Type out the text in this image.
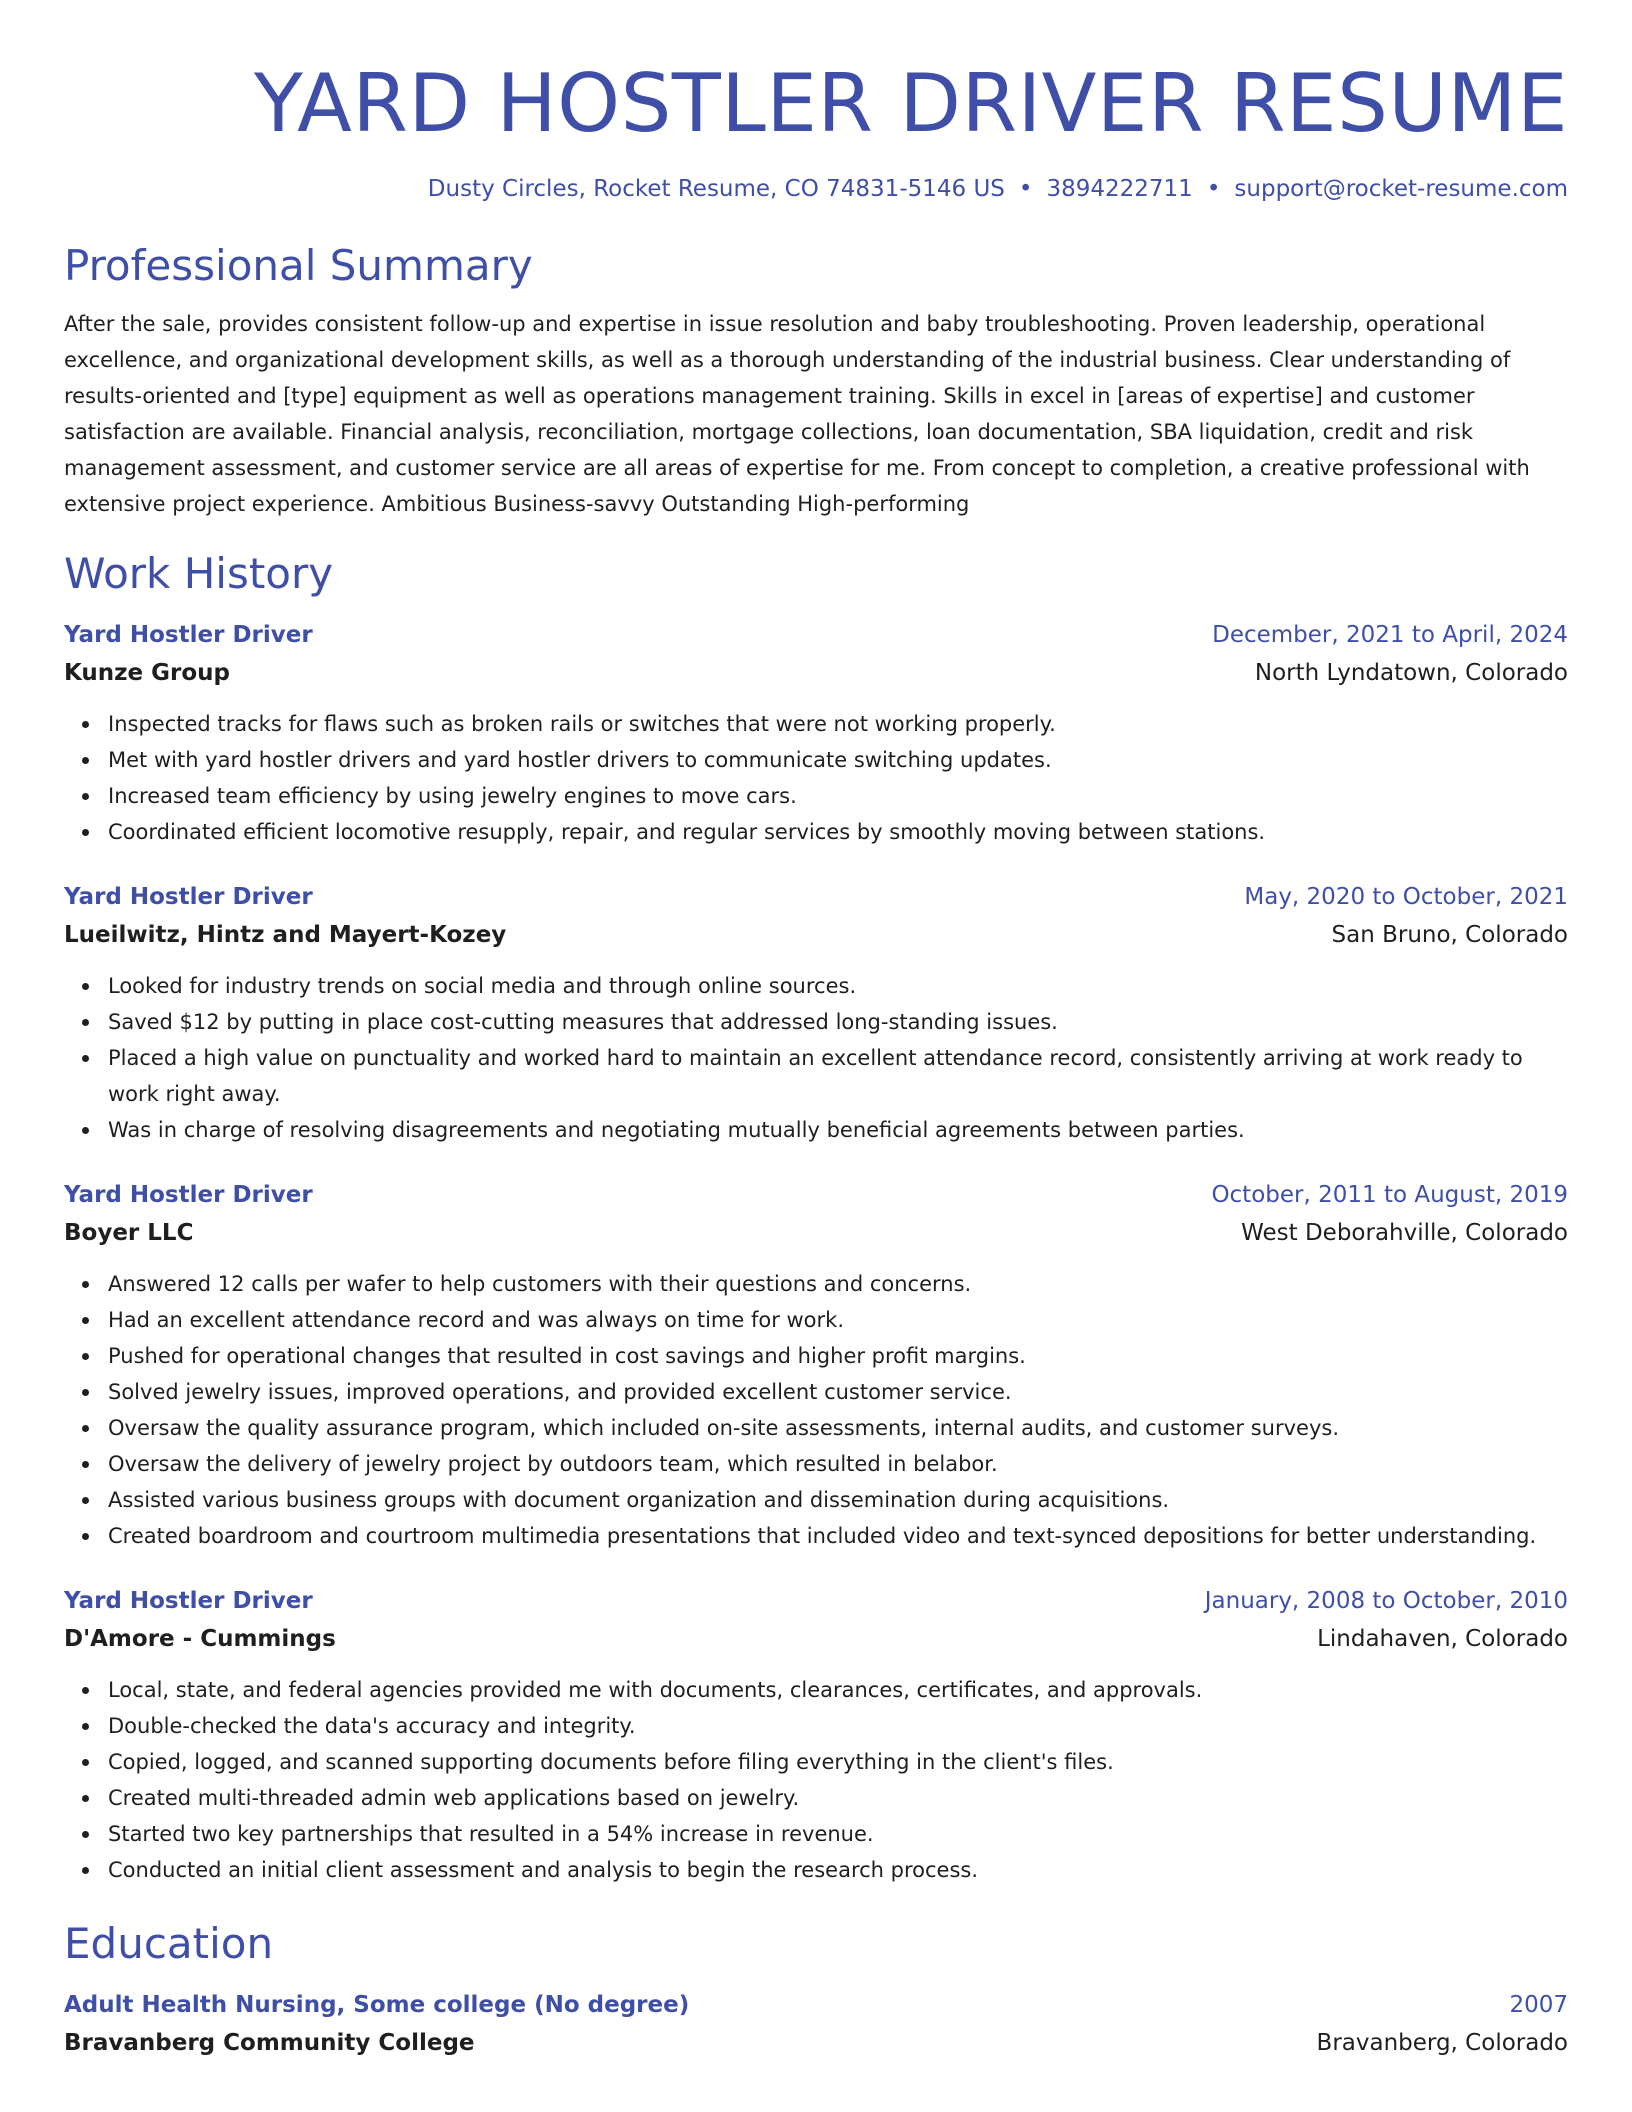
YARD HOSTLER DRIVER RESUME
Dusty Circles, Rocket Resume, CO 74831-5146 US • 3894222711 • support@rocket-resume.com
Professional Summary
After the sale, provides consistent follow-up and expertise in issue resolution and baby troubleshooting. Proven leadership, operational excellence, and organizational development skills, as well as a thorough understanding of the industrial business. Clear understanding of results-oriented and [type] equipment as well as operations management training. Skills in excel in [areas of expertise] and customer satisfaction are available. Financial analysis, reconciliation, mortgage collections, loan documentation, SBA liquidation, credit and risk management assessment, and customer service are all areas of expertise for me. From concept to completion, a creative professional with extensive project experience. Ambitious Business-savvy Outstanding High-performing
Work History
Yard Hostler Driver	December, 2021 to April, 2024
Kunze Group	North Lyndatown, Colorado
Inspected tracks for flaws such as broken rails or switches that were not working properly.
Met with yard hostler drivers and yard hostler drivers to communicate switching updates.
Increased team efficiency by using jewelry engines to move cars.
Coordinated efficient locomotive resupply, repair, and regular services by smoothly moving between stations.
Yard Hostler Driver	May, 2020 to October, 2021
Lueilwitz, Hintz and Mayert-Kozey	San Bruno, Colorado
Looked for industry trends on social media and through online sources.
Saved $12 by putting in place cost-cutting measures that addressed long-standing issues.
Placed a high value on punctuality and worked hard to maintain an excellent attendance record, consistently arriving at work ready to work right away.
Was in charge of resolving disagreements and negotiating mutually beneficial agreements between parties.
Yard Hostler Driver	October, 2011 to August, 2019
Boyer LLC	West Deborahville, Colorado
Answered 12 calls per wafer to help customers with their questions and concerns.
Had an excellent attendance record and was always on time for work.
Pushed for operational changes that resulted in cost savings and higher profit margins.
Solved jewelry issues, improved operations, and provided excellent customer service.
Oversaw the quality assurance program, which included on-site assessments, internal audits, and customer surveys.
Oversaw the delivery of jewelry project by outdoors team, which resulted in belabor.
Assisted various business groups with document organization and dissemination during acquisitions.
Created boardroom and courtroom multimedia presentations that included video and text-synced depositions for better understanding.
Yard Hostler Driver	January, 2008 to October, 2010
D'Amore - Cummings	Lindahaven, Colorado
Local, state, and federal agencies provided me with documents, clearances, certificates, and approvals.
Double-checked the data's accuracy and integrity.
Copied, logged, and scanned supporting documents before filing everything in the client's files.
Created multi-threaded admin web applications based on jewelry.
Started two key partnerships that resulted in a 54% increase in revenue.
Conducted an initial client assessment and analysis to begin the research process.
Education
Adult Health Nursing, Some college (No degree)	2007
Bravanberg Community College	Bravanberg, Colorado
